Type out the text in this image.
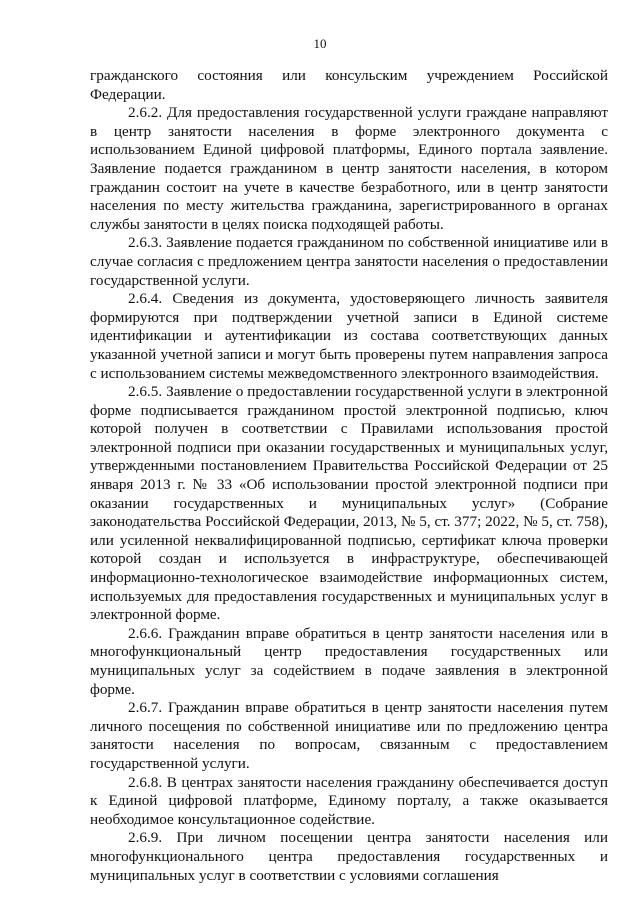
10

гражданского состояния или консульским учреждением Российской Федерации.

2.6.2. Для предоставления государственной услуги граждане направляют в центр занятости населения в форме электронного документа с использованием Единой цифровой платформы, Единого портала заявление. Заявление подается гражданином в центр занятости населения, в котором гражданин состоит на учете в качестве безработного, или в центр занятости населения по месту жительства гражданина, зарегистрированного в органах службы занятости в целях поиска подходящей работы.

2.6.3. Заявление подается гражданином по собственной инициативе или в случае согласия с предложением центра занятости населения о предоставлении государственной услуги.

2.6.4. Сведения из документа, удостоверяющего личность заявителя формируются при подтверждении учетной записи в Единой системе идентификации и аутентификации из состава соответствующих данных указанной учетной записи и могут быть проверены путем направления запроса с использованием системы межведомственного электронного взаимодействия.

2.6.5. Заявление о предоставлении государственной услуги в электронной форме подписывается гражданином простой электронной подписью, ключ которой получен в соответствии с Правилами использования простой электронной подписи при оказании государственных и муниципальных услуг, утвержденными постановлением Правительства Российской Федерации от 25 января 2013 г. № 33 «Об использовании простой электронной подписи при оказании государственных и муниципальных услуг» (Собрание законодательства Российской Федерации, 2013, № 5, ст. 377; 2022, № 5, ст. 758), или усиленной неквалифицированной подписью, сертификат ключа проверки которой создан и используется в инфраструктуре, обеспечивающей информационно-технологическое взаимодействие информационных систем, используемых для предоставления государственных и муниципальных услуг в электронной форме.

2.6.6. Гражданин вправе обратиться в центр занятости населения или в многофункциональный центр предоставления государственных или муниципальных услуг за содействием в подаче заявления в электронной форме.

2.6.7. Гражданин вправе обратиться в центр занятости населения путем личного посещения по собственной инициативе или по предложению центра занятости населения по вопросам, связанным с предоставлением государственной услуги.

2.6.8. В центрах занятости населения гражданину обеспечивается доступ к Единой цифровой платформе, Единому порталу, а также оказывается необходимое консультационное содействие.

2.6.9. При личном посещении центра занятости населения или многофункционального центра предоставления государственных и муниципальных услуг в соответствии с условиями соглашения
